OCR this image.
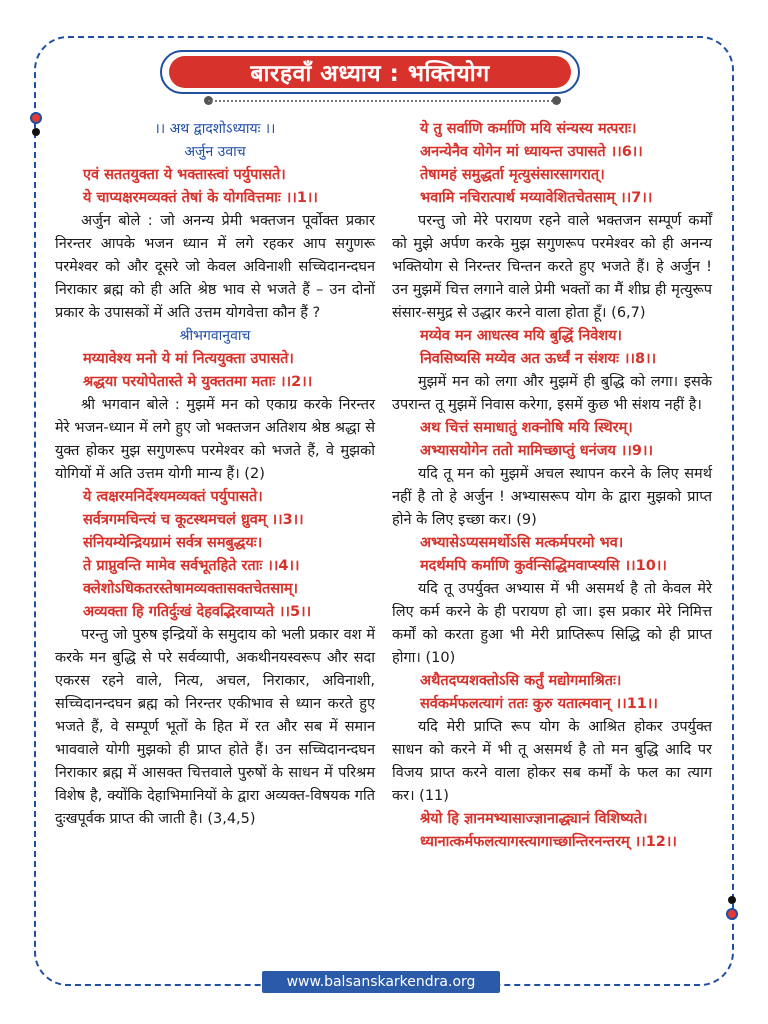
बारहवाँ अध्याय : भक्तियोग
।। अथ द्वादशोऽध्यायः ।।
अर्जुन उवाच
एवं सततयुक्ता ये भक्तास्त्वां पर्युपासते।
ये चाप्यक्षरमव्यक्तं तेषां के योगवित्तमाः ।।1।।
अर्जुन बोले : जो अनन्य प्रेमी भक्तजन पूर्वोक्त प्रकार निरन्तर आपके भजन ध्यान में लगे रहकर आप सगुणरू परमेश्वर को और दूसरे जो केवल अविनाशी सच्चिदानन्दघन निराकार ब्रह्म को ही अति श्रेष्ठ भाव से भजते हैं – उन दोनों प्रकार के उपासकों में अति उत्तम योगवेत्ता कौन हैं ?
श्रीभगवानुवाच
मय्यावेश्य मनो ये मां नित्ययुक्ता उपासते।
श्रद्धया परयोपेतास्ते मे युक्ततमा मताः ।।2।।
श्री भगवान बोले : मुझमें मन को एकाग्र करके निरन्तर मेरे भजन-ध्यान में लगे हुए जो भक्तजन अतिशय श्रेष्ठ श्रद्धा से युक्त होकर मुझ सगुणरूप परमेश्वर को भजते हैं, वे मुझको योगियों में अति उत्तम योगी मान्य हैं। (2)
ये त्वक्षरमनिर्देश्यमव्यक्तं पर्युपासते।
सर्वत्रगमचिन्त्यं च कूटस्थमचलं ध्रुवम् ।।3।।
संनियम्येन्द्रियग्रामं सर्वत्र समबुद्धयः।
ते प्राप्नुवन्ति मामेव सर्वभूतहिते रताः ।।4।।
क्लेशोऽधिकतरस्तेषामव्यक्तासक्तचेतसाम्।
अव्यक्ता हि गतिर्दुःखं देहवद्भिरवाप्यते ।।5।।
परन्तु जो पुरुष इन्द्रियों के समुदाय को भली प्रकार वश में करके मन बुद्धि से परे सर्वव्यापी, अकथीनयस्वरूप और सदा एकरस रहने वाले, नित्य, अचल, निराकार, अविनाशी, सच्चिदानन्दघन ब्रह्म को निरन्तर एकीभाव से ध्यान करते हुए भजते हैं, वे सम्पूर्ण भूतों के हित में रत और सब में समान भाववाले योगी मुझको ही प्राप्त होते हैं। उन सच्चिदानन्दघन निराकार ब्रह्म में आसक्त चित्तवाले पुरुषों के साधन में परिश्रम विशेष है, क्योंकि देहाभिमानियों के द्वारा अव्यक्त-विषयक गति दुःखपूर्वक प्राप्त की जाती है। (3,4,5)
ये तु सर्वाणि कर्माणि मयि संन्यस्य मत्पराः।
अनन्येनैव योगेन मां ध्यायन्त उपासते ।।6।।
तेषामहं समुद्धर्ता मृत्युसंसारसागरात्।
भवामि नचिरात्पार्थ मय्यावेशितचेतसाम् ।।7।।
परन्तु जो मेरे परायण रहने वाले भक्तजन सम्पूर्ण कर्मों को मुझे अर्पण करके मुझ सगुणरूप परमेश्वर को ही अनन्य भक्तियोग से निरन्तर चिन्तन करते हुए भजते हैं। हे अर्जुन ! उन मुझमें चित्त लगाने वाले प्रेमी भक्तों का मैं शीघ्र ही मृत्युरूप संसार-समुद्र से उद्धार करने वाला होता हूँ। (6,7)
मय्येव मन आधत्स्व मयि बुद्धिं निवेशय।
निवसिष्यसि मय्येव अत ऊर्ध्वं न संशयः ।।8।।
मुझमें मन को लगा और मुझमें ही बुद्धि को लगा। इसके उपरान्त तू मुझमें निवास करेगा, इसमें कुछ भी संशय नहीं है।
अथ चित्तं समाधातुं शक्नोषि मयि स्थिरम्।
अभ्यासयोगेन ततो मामिच्छाप्तुं धनंजय ।।9।।
यदि तू मन को मुझमें अचल स्थापन करने के लिए समर्थ नहीं है तो हे अर्जुन ! अभ्यासरूप योग के द्वारा मुझको प्राप्त होने के लिए इच्छा कर। (9)
अभ्यासेऽप्यसमर्थोऽसि मत्कर्मपरमो भव।
मदर्थमपि कर्माणि कुर्वन्सिद्धिमवाप्स्यसि ।।10।।
यदि तू उपर्युक्त अभ्यास में भी असमर्थ है तो केवल मेरे लिए कर्म करने के ही परायण हो जा। इस प्रकार मेरे निमित्त कर्मों को करता हुआ भी मेरी प्राप्तिरूप सिद्धि को ही प्राप्त होगा। (10)
अथैतदप्यशक्तोऽसि कर्तुं मद्योगमाश्रितः।
सर्वकर्मफलत्यागं ततः कुरु यतात्मवान् ।।11।।
यदि मेरी प्राप्ति रूप योग के आश्रित होकर उपर्युक्त साधन को करने में भी तू असमर्थ है तो मन बुद्धि आदि पर विजय प्राप्त करने वाला होकर सब कर्मों के फल का त्याग कर। (11)
श्रेयो हि ज्ञानमभ्यासाज्ज्ञानाद्ध्यानं विशिष्यते।
ध्यानात्कर्मफलत्यागस्त्यागाच्छान्तिरनन्तरम् ।।12।।
www.balsanskarkendra.org
